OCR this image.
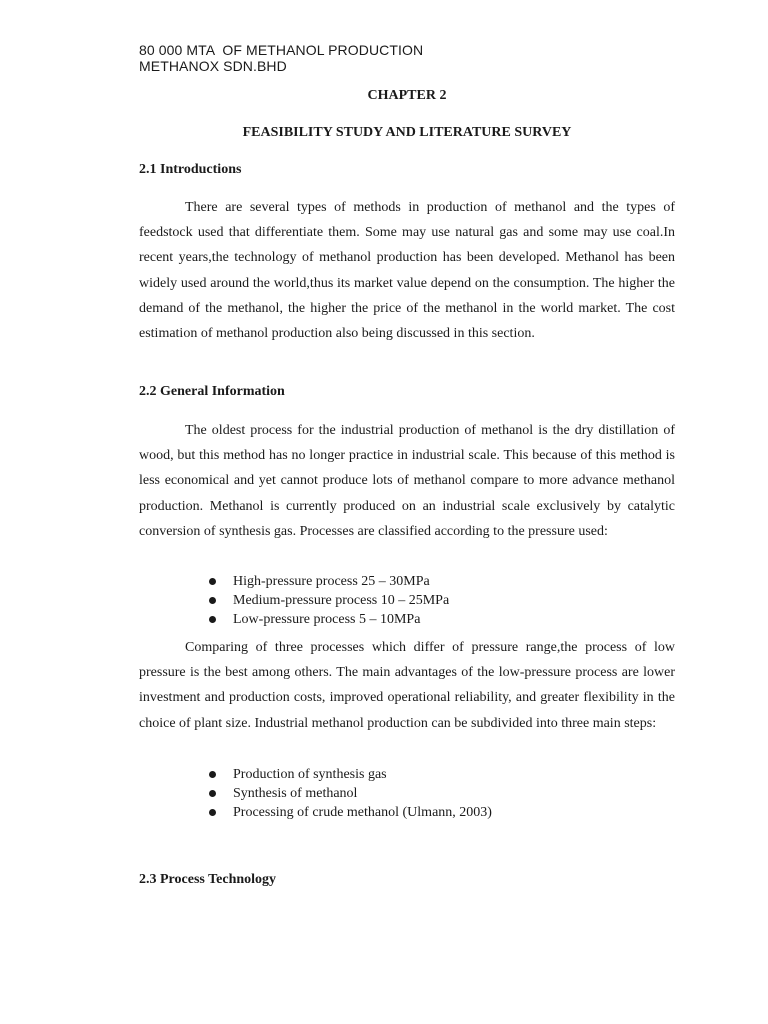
80 000 MTA  OF METHANOL PRODUCTION
METHANOX SDN.BHD
CHAPTER 2
FEASIBILITY STUDY AND LITERATURE SURVEY
2.1 Introductions

There are several types of methods in production of methanol and the types of feedstock used that differentiate them. Some may use natural gas and some may use coal.In recent years,the technology of methanol production has been developed. Methanol has been widely used around the world,thus its market value depend on the consumption. The higher the demand of the methanol, the higher the price of the methanol in the world market. The cost estimation of methanol production also being discussed in this section.

2.2 General Information

The oldest process for the industrial production of methanol is the dry distillation of wood, but this method has no longer practice in industrial scale. This because of this method is less economical and yet cannot produce lots of methanol compare to more advance methanol production. Methanol is currently produced on an industrial scale exclusively by catalytic conversion of synthesis gas. Processes are classified according to the pressure used:

High-pressure process 25 – 30MPa
Medium-pressure process 10 – 25MPa
Low-pressure process 5 – 10MPa

Comparing of three processes which differ of pressure range,the process of low pressure is the best among others. The main advantages of the low-pressure process are lower investment and production costs, improved operational reliability, and greater flexibility in the choice of plant size. Industrial methanol production can be subdivided into three main steps:

Production of synthesis gas
Synthesis of methanol
Processing of crude methanol (Ulmann, 2003)
2.3 Process Technology
